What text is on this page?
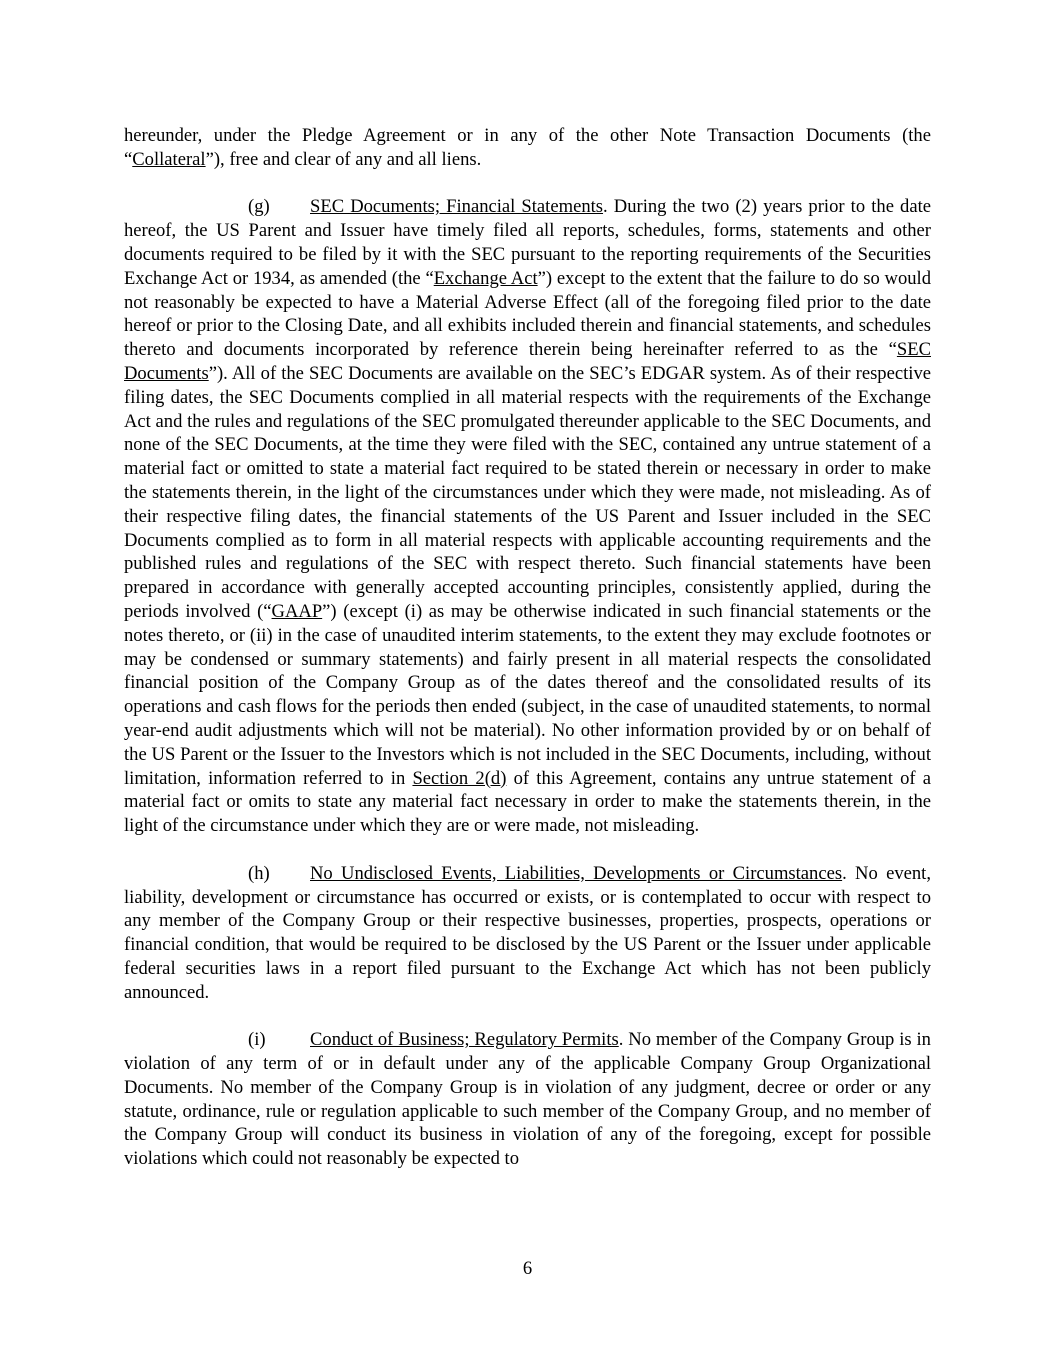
hereunder, under the Pledge Agreement or in any of the other Note Transaction Documents (the “Collateral”), free and clear of any and all liens.

(g) SEC Documents; Financial Statements. During the two (2) years prior to the date hereof, the US Parent and Issuer have timely filed all reports, schedules, forms, statements and other documents required to be filed by it with the SEC pursuant to the reporting requirements of the Securities Exchange Act or 1934, as amended (the “Exchange Act”) except to the extent that the failure to do so would not reasonably be expected to have a Material Adverse Effect (all of the foregoing filed prior to the date hereof or prior to the Closing Date, and all exhibits included therein and financial statements, and schedules thereto and documents incorporated by reference therein being hereinafter referred to as the “SEC Documents”). All of the SEC Documents are available on the SEC’s EDGAR system. As of their respective filing dates, the SEC Documents complied in all material respects with the requirements of the Exchange Act and the rules and regulations of the SEC promulgated thereunder applicable to the SEC Documents, and none of the SEC Documents, at the time they were filed with the SEC, contained any untrue statement of a material fact or omitted to state a material fact required to be stated therein or necessary in order to make the statements therein, in the light of the circumstances under which they were made, not misleading. As of their respective filing dates, the financial statements of the US Parent and Issuer included in the SEC Documents complied as to form in all material respects with applicable accounting requirements and the published rules and regulations of the SEC with respect thereto. Such financial statements have been prepared in accordance with generally accepted accounting principles, consistently applied, during the periods involved (“GAAP”) (except (i) as may be otherwise indicated in such financial statements or the notes thereto, or (ii) in the case of unaudited interim statements, to the extent they may exclude footnotes or may be condensed or summary statements) and fairly present in all material respects the consolidated financial position of the Company Group as of the dates thereof and the consolidated results of its operations and cash flows for the periods then ended (subject, in the case of unaudited statements, to normal year-end audit adjustments which will not be material). No other information provided by or on behalf of the US Parent or the Issuer to the Investors which is not included in the SEC Documents, including, without limitation, information referred to in Section 2(d) of this Agreement, contains any untrue statement of a material fact or omits to state any material fact necessary in order to make the statements therein, in the light of the circumstance under which they are or were made, not misleading.

(h) No Undisclosed Events, Liabilities, Developments or Circumstances. No event, liability, development or circumstance has occurred or exists, or is contemplated to occur with respect to any member of the Company Group or their respective businesses, properties, prospects, operations or financial condition, that would be required to be disclosed by the US Parent or the Issuer under applicable federal securities laws in a report filed pursuant to the Exchange Act which has not been publicly announced.

(i) Conduct of Business; Regulatory Permits. No member of the Company Group is in violation of any term of or in default under any of the applicable Company Group Organizational Documents. No member of the Company Group is in violation of any judgment, decree or order or any statute, ordinance, rule or regulation applicable to such member of the Company Group, and no member of the Company Group will conduct its business in violation of any of the foregoing, except for possible violations which could not reasonably be expected to

6
